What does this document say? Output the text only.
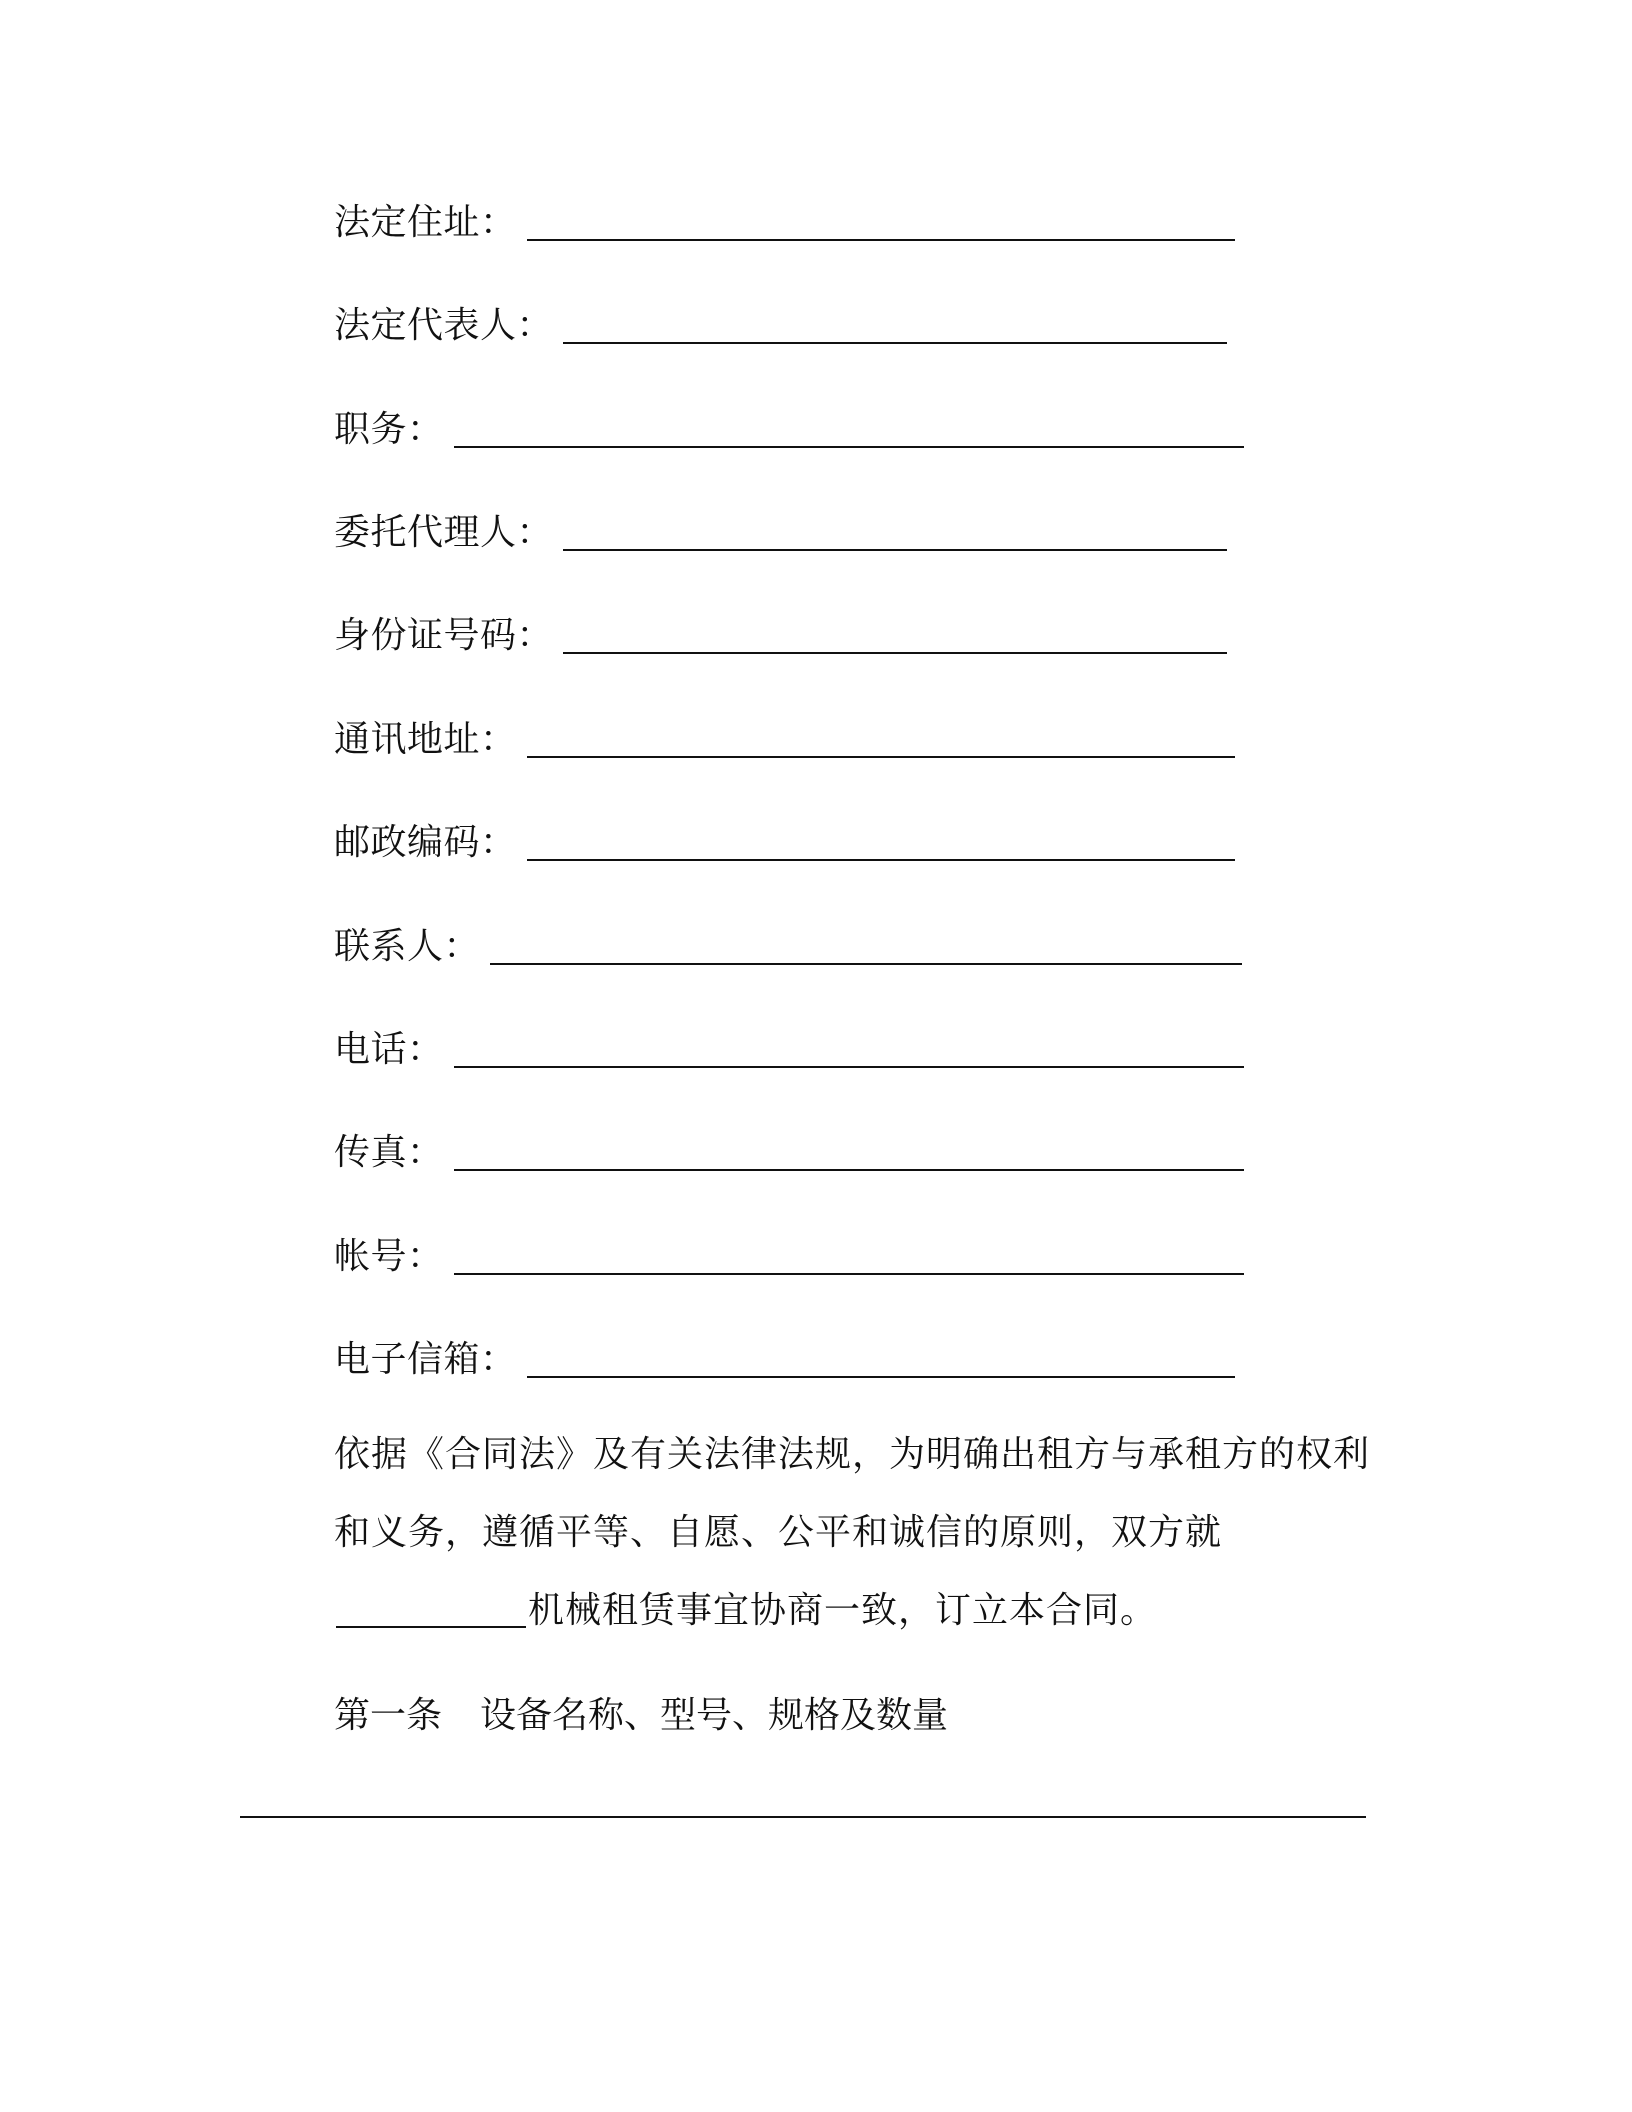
法定住址：
法定代表人：
职务：
委托代理人：
身份证号码：
通讯地址：
邮政编码：
联系人：
电话：
传真：
帐号：
电子信箱：
依据《合同法》及有关法律法规，为明确出租方与承租方的权利和义务，遵循平等、自愿、公平和诚信的原则，双方就机械租赁事宜协商一致，订立本合同。
第一条 设备名称、型号、规格及数量
